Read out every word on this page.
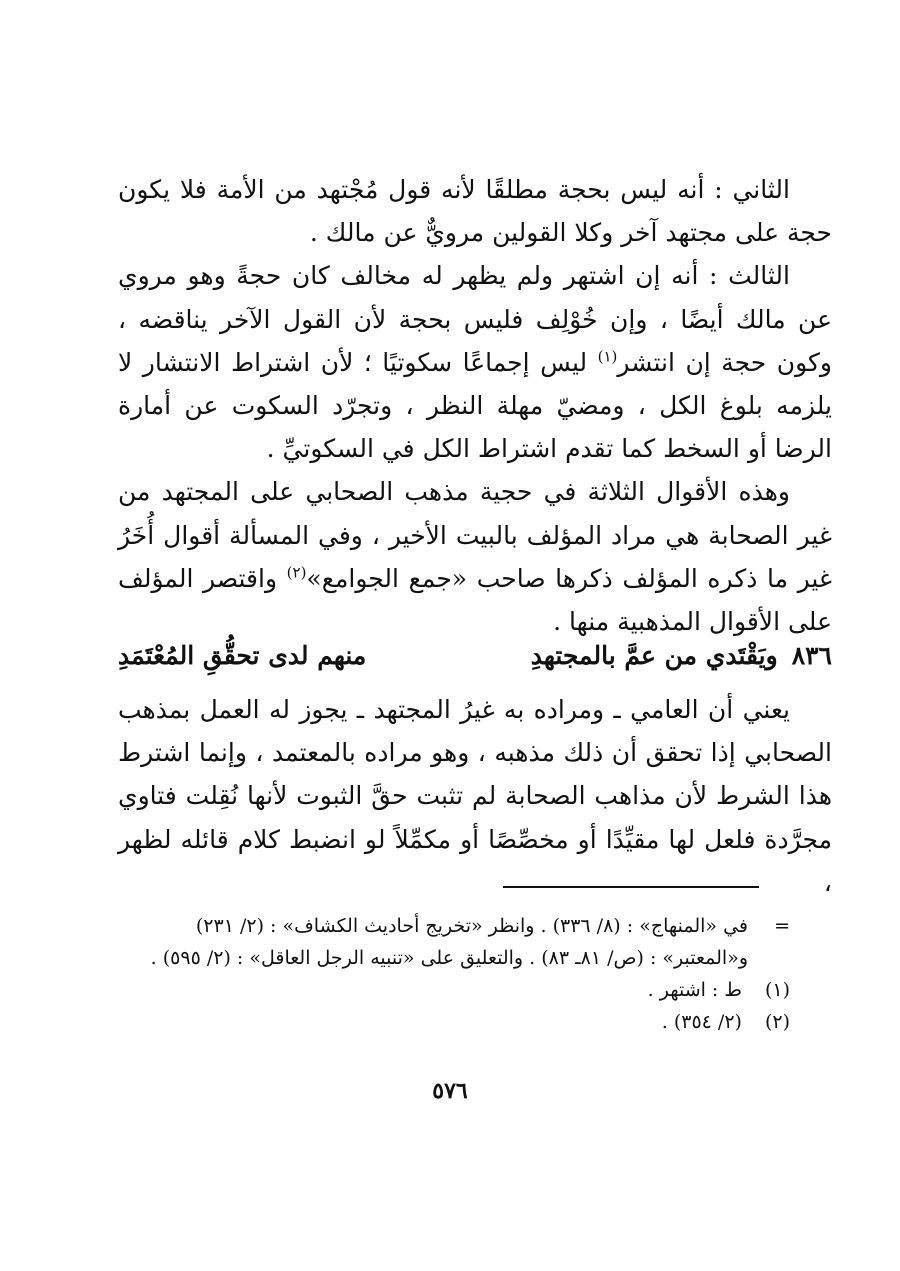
الثاني : أنه ليس بحجة مطلقًا لأنه قول مُجْتهد من الأمة فلا يكون حجة على مجتهد آخر وكلا القولين مرويٌّ عن مالك .

الثالث : أنه إن اشتهر ولم يظهر له مخالف كان حجةً وهو مروي عن مالك أيضًا ، وإن خُوْلِف فليس بحجة لأن القول الآخر يناقضه ، وكون حجة إن انتشر$^{(١)}$ ليس إجماعًا سكوتيًا ؛ لأن اشتراط الانتشار لا يلزمه بلوغ الكل ، ومضيّ مهلة النظر ، وتجرّد السكوت عن أمارة الرضا أو السخط كما تقدم اشتراط الكل في السكوتيِّ .

وهذه الأقوال الثلاثة في حجية مذهب الصحابي على المجتهد من غير الصحابة هي مراد المؤلف بالبيت الأخير ، وفي المسألة أقوال أُخَرُ غير ما ذكره المؤلف ذكرها صاحب «جمع الجوامع»$^{(٢)}$ واقتصر المؤلف على الأقوال المذهبية منها .

٨٣٦
ويَقْتَدي من عمَّ بالمجتهدِ
منهم لدى تحقُّقِ المُعْتَمَدِ

يعني أن العامي ـ ومراده به غيرُ المجتهد ـ يجوز له العمل بمذهب الصحابي إذا تحقق أن ذلك مذهبه ، وهو مراده بالمعتمد ، وإنما اشترط هذا الشرط لأن مذاهب الصحابة لم تثبت حقَّ الثبوت لأنها نُقِلت فتاوي مجرَّدة فلعل لها مقيِّدًا أو مخصِّصًا أو مكمِّلاً لو انضبط كلام قائله لظهر ،

=
في «المنهاج» : (٨/ ٣٣٦) . وانظر «تخريج أحاديث الكشاف» : (٢/ ٢٣١)
و«المعتبر» : (ص/ ٨١ـ ٨٣) . والتعليق على «تنبيه الرجل العاقل» : (٢/ ٥٩٥) .
(١) ط : اشتهر .
(٢) (٢/ ٣٥٤) .
٥٧٦
